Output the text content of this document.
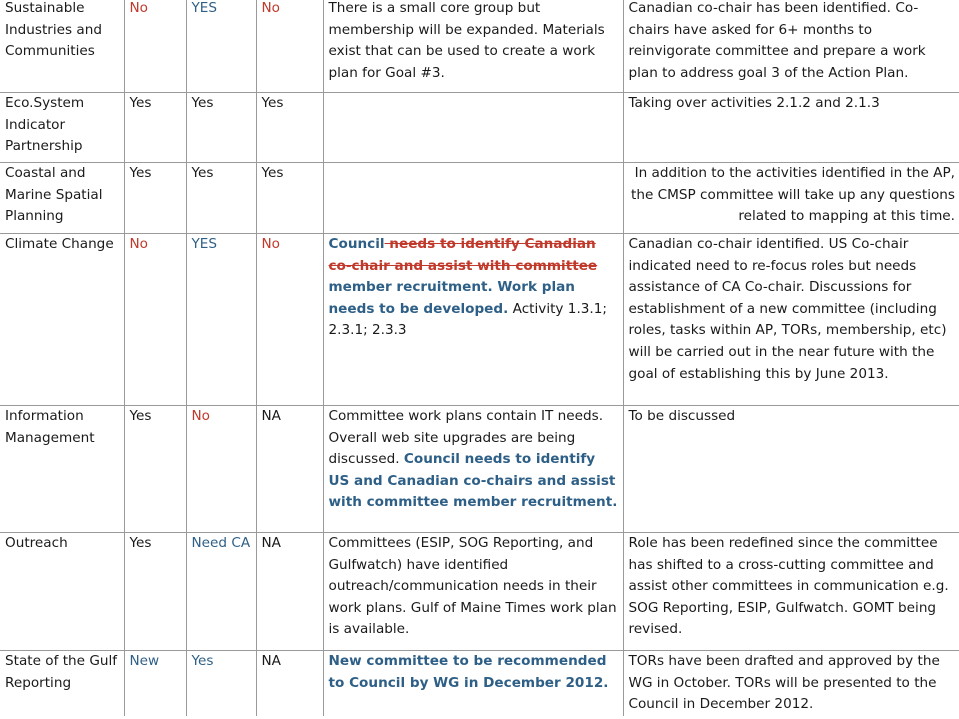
Sustainable Industries and Communities	No	YES	No	There is a small core group but membership will be expanded. Materials exist that can be used to create a work plan for Goal #3.	Canadian co-chair has been identified. Co-chairs have asked for 6+ months to reinvigorate committee and prepare a work plan to address goal 3 of the Action Plan.

Eco.System Indicator Partnership	Yes	Yes	Yes		Taking over activities 2.1.2 and 2.1.3
Coastal and Marine Spatial Planning	Yes	Yes	Yes		In addition to the activities identified in the AP, the CMSP committee will take up any questions related to mapping at this time.
Climate Change	No	YES	No	Council needs to identify Canadian co-chair and assist with committee member recruitment. Work plan needs to be developed. Activity 1.3.1; 2.3.1; 2.3.3	Canadian co-chair identified. US Co-chair indicated need to re-focus roles but needs assistance of CA Co-chair. Discussions for establishment of a new committee (including roles, tasks within AP, TORs, membership, etc) will be carried out in the near future with the goal of establishing this by June 2013.
Information Management	Yes	No	NA	Committee work plans contain IT needs. Overall web site upgrades are being discussed. Council needs to identify US and Canadian co-chairs and assist with committee member recruitment.	To be discussed
Outreach	Yes	Need CA	NA	Committees (ESIP, SOG Reporting, and Gulfwatch) have identified outreach/communication needs in their work plans. Gulf of Maine Times work plan is available.	Role has been redefined since the committee has shifted to a cross-cutting committee and assist other committees in communication e.g. SOG Reporting, ESIP, Gulfwatch. GOMT being revised.
State of the Gulf Reporting	New	Yes	NA	New committee to be recommended to Council by WG in December 2012.	TORs have been drafted and approved by the WG in October. TORs will be presented to the Council in December 2012.
